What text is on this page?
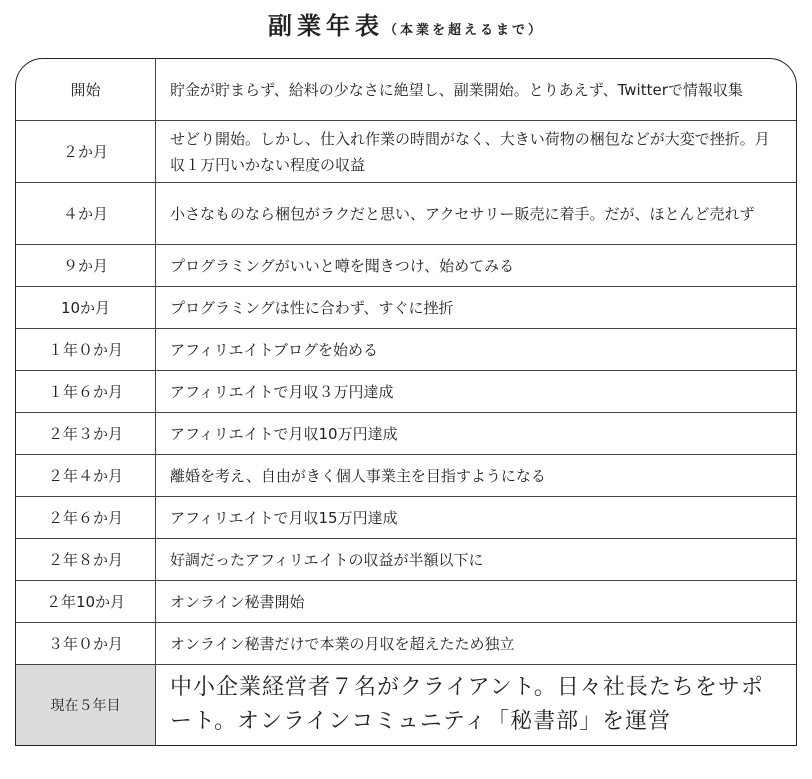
副業年表（本業を超えるまで）
開始	貯金が貯まらず、給料の少なさに絶望し、副業開始。とりあえず、Twitterで情報収集
２か月	せどり開始。しかし、仕入れ作業の時間がなく、大きい荷物の梱包などが大変で挫折。月収１万円いかない程度の収益
４か月	小さなものなら梱包がラクだと思い、アクセサリー販売に着手。だが、ほとんど売れず
９か月	プログラミングがいいと噂を聞きつけ、始めてみる
10か月	プログラミングは性に合わず、すぐに挫折
１年０か月	アフィリエイトブログを始める
１年６か月	アフィリエイトで月収３万円達成
２年３か月	アフィリエイトで月収10万円達成
２年４か月	離婚を考え、自由がきく個人事業主を目指すようになる
２年６か月	アフィリエイトで月収15万円達成
２年８か月	好調だったアフィリエイトの収益が半額以下に
２年10か月	オンライン秘書開始
３年０か月	オンライン秘書だけで本業の月収を超えたため独立
現在５年目	中小企業経営者７名がクライアント。日々社長たちをサポート。オンラインコミュニティ「秘書部」を運営
